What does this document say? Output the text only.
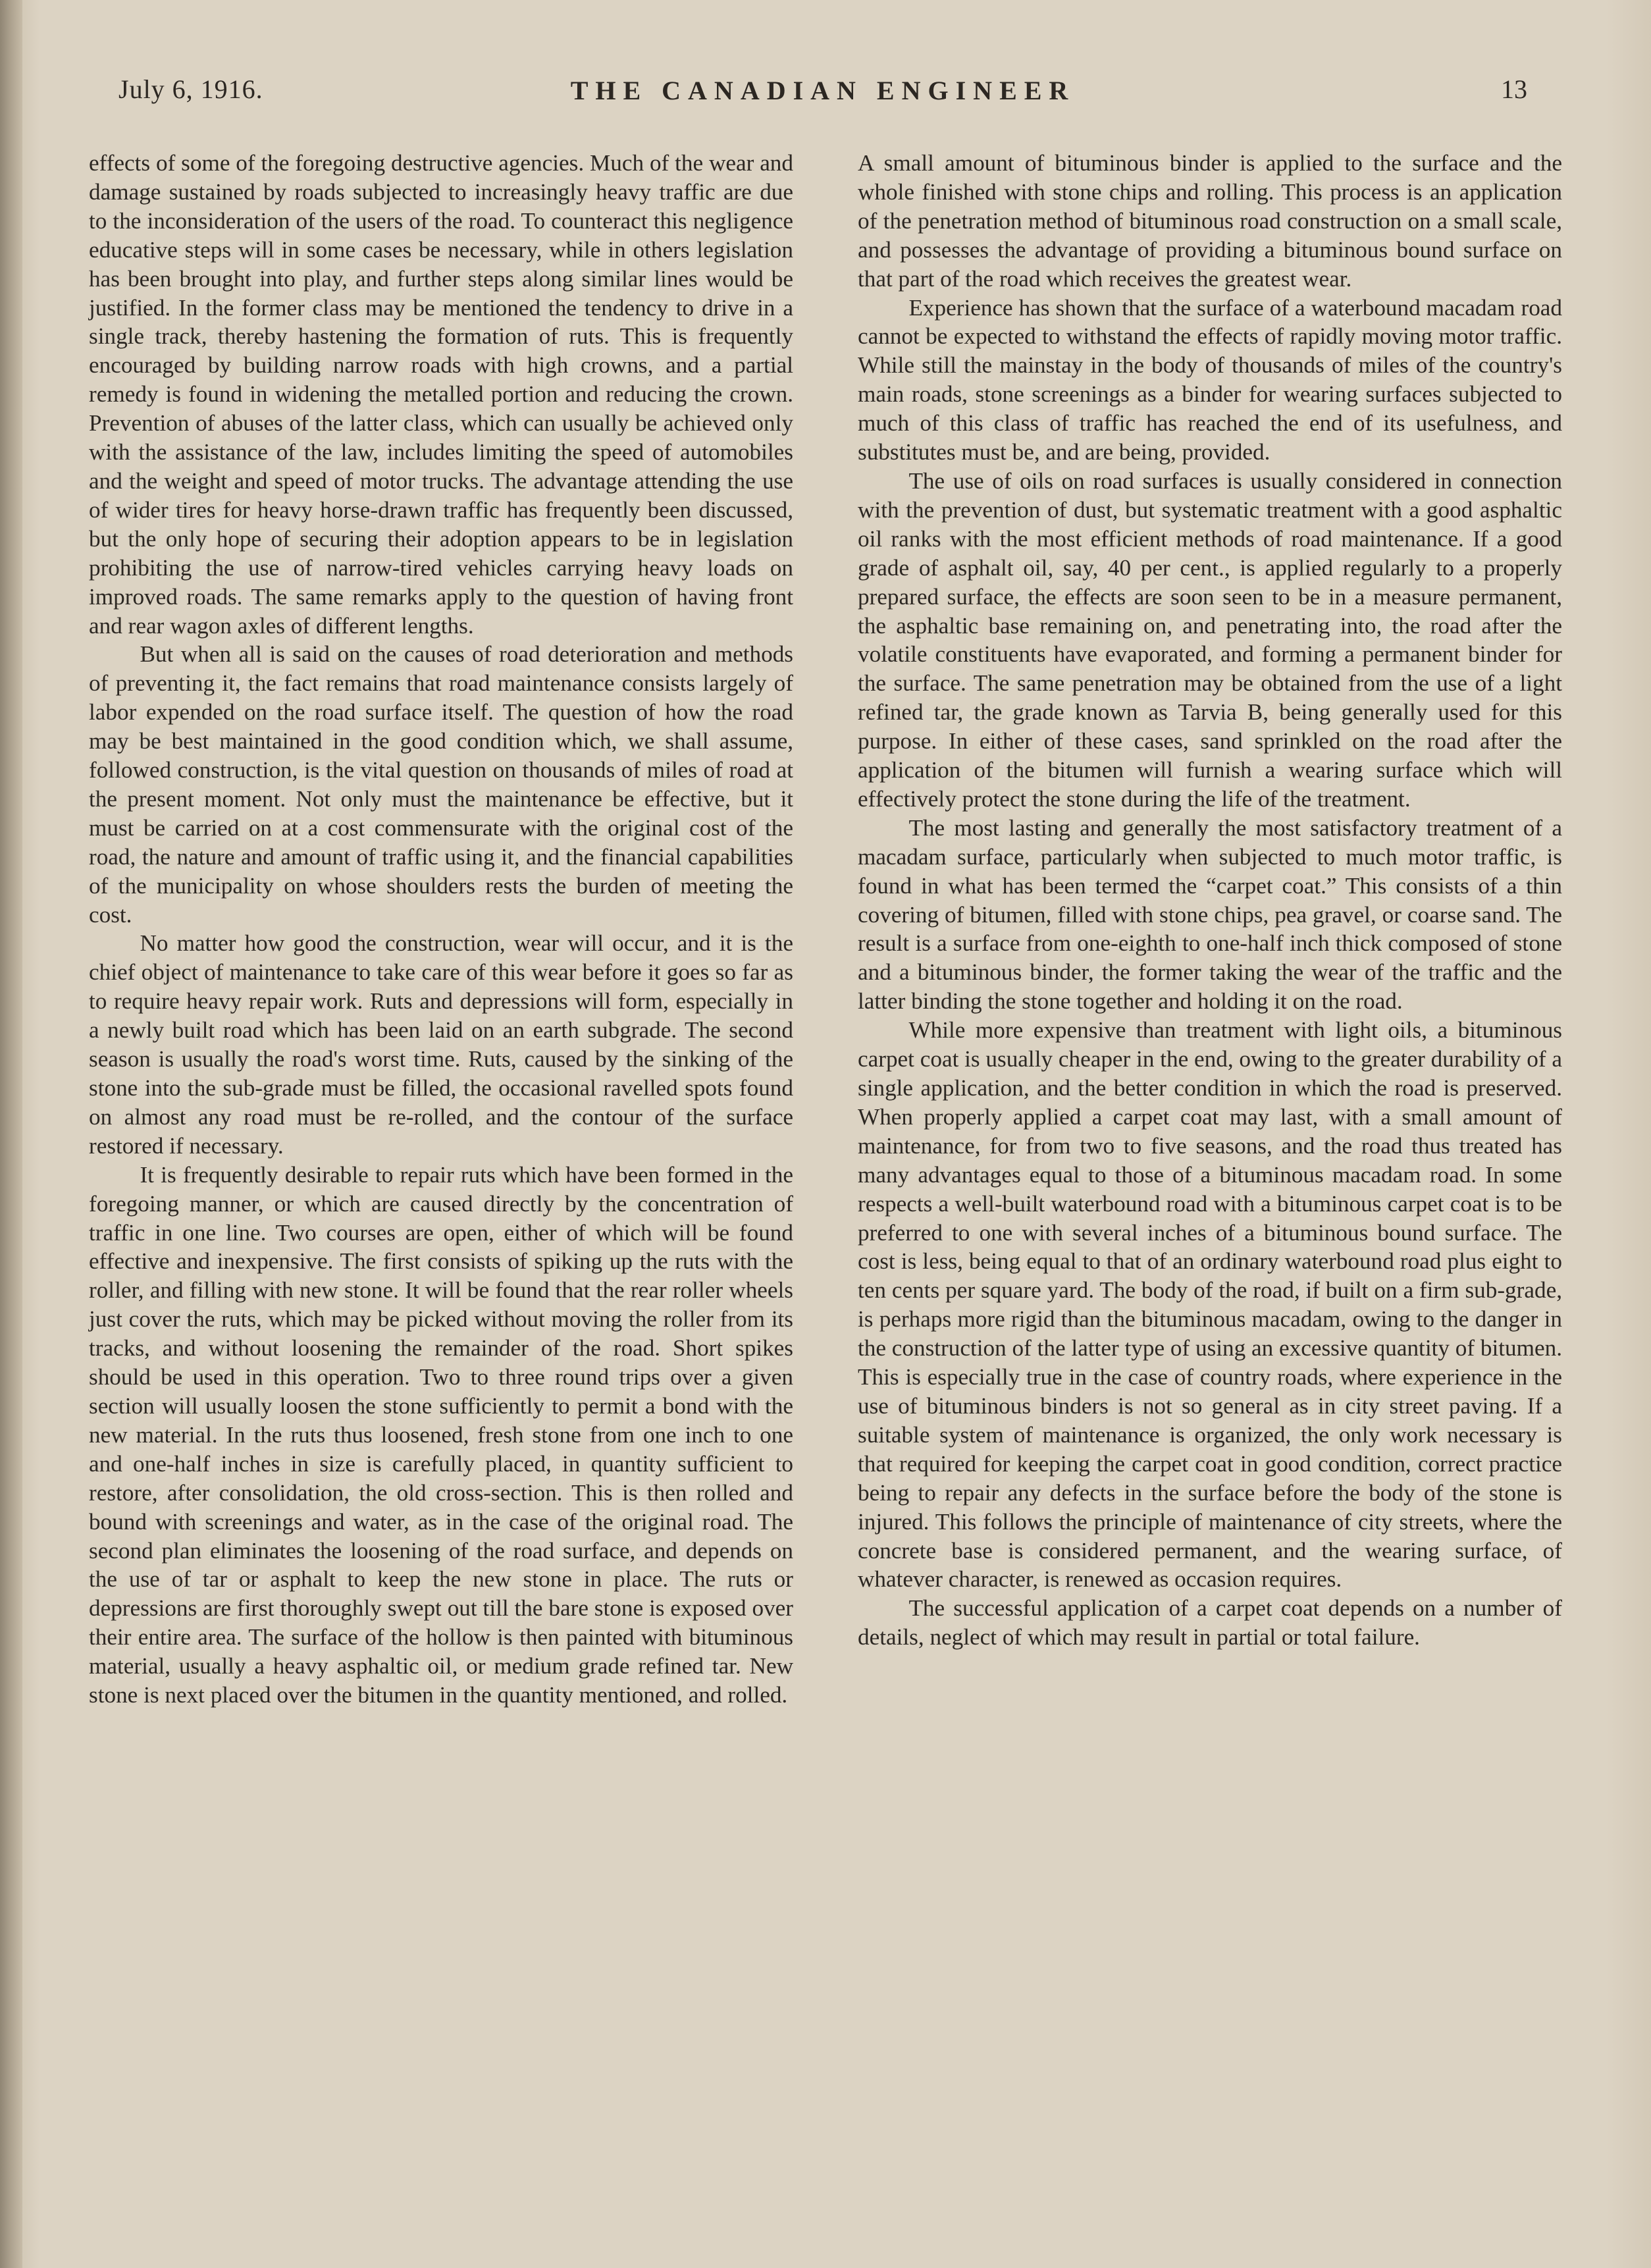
July 6, 1916.	THE CANADIAN ENGINEER	13

effects of some of the foregoing destructive agencies. Much of the wear and damage sustained by roads subjected to increasingly heavy traffic are due to the inconsideration of the users of the road. To counteract this negligence educative steps will in some cases be necessary, while in others legislation has been brought into play, and further steps along similar lines would be justified. In the former class may be mentioned the tendency to drive in a single track, thereby hastening the formation of ruts. This is frequently encouraged by building narrow roads with high crowns, and a partial remedy is found in widening the metalled portion and reducing the crown. Prevention of abuses of the latter class, which can usually be achieved only with the assistance of the law, includes limiting the speed of automobiles and the weight and speed of motor trucks. The advantage attending the use of wider tires for heavy horse-drawn traffic has frequently been discussed, but the only hope of securing their adoption appears to be in legislation prohibiting the use of narrow-tired vehicles carrying heavy loads on improved roads. The same remarks apply to the question of having front and rear wagon axles of different lengths.

But when all is said on the causes of road deterioration and methods of preventing it, the fact remains that road maintenance consists largely of labor expended on the road surface itself. The question of how the road may be best maintained in the good condition which, we shall assume, followed construction, is the vital question on thousands of miles of road at the present moment. Not only must the maintenance be effective, but it must be carried on at a cost commensurate with the original cost of the road, the nature and amount of traffic using it, and the financial capabilities of the municipality on whose shoulders rests the burden of meeting the cost.

No matter how good the construction, wear will occur, and it is the chief object of maintenance to take care of this wear before it goes so far as to require heavy repair work. Ruts and depressions will form, especially in a newly built road which has been laid on an earth subgrade. The second season is usually the road's worst time. Ruts, caused by the sinking of the stone into the sub-grade must be filled, the occasional ravelled spots found on almost any road must be re-rolled, and the contour of the surface restored if necessary.

It is frequently desirable to repair ruts which have been formed in the foregoing manner, or which are caused directly by the concentration of traffic in one line. Two courses are open, either of which will be found effective and inexpensive. The first consists of spiking up the ruts with the roller, and filling with new stone. It will be found that the rear roller wheels just cover the ruts, which may be picked without moving the roller from its tracks, and without loosening the remainder of the road. Short spikes should be used in this operation. Two to three round trips over a given section will usually loosen the stone sufficiently to permit a bond with the new material. In the ruts thus loosened, fresh stone from one inch to one and one-half inches in size is carefully placed, in quantity sufficient to restore, after consolidation, the old cross-section. This is then rolled and bound with screenings and water, as in the case of the original road. The second plan eliminates the loosening of the road surface, and depends on the use of tar or asphalt to keep the new stone in place. The ruts or depressions are first thoroughly swept out till the bare stone is exposed over their entire area. The surface of the hollow is then painted with bituminous material, usually a heavy asphaltic oil, or medium grade refined tar. New stone is next placed over the bitumen in the quantity mentioned, and rolled.

A small amount of bituminous binder is applied to the surface and the whole finished with stone chips and rolling. This process is an application of the penetration method of bituminous road construction on a small scale, and possesses the advantage of providing a bituminous bound surface on that part of the road which receives the greatest wear.

Experience has shown that the surface of a waterbound macadam road cannot be expected to withstand the effects of rapidly moving motor traffic. While still the mainstay in the body of thousands of miles of the country's main roads, stone screenings as a binder for wearing surfaces subjected to much of this class of traffic has reached the end of its usefulness, and substitutes must be, and are being, provided.

The use of oils on road surfaces is usually considered in connection with the prevention of dust, but systematic treatment with a good asphaltic oil ranks with the most efficient methods of road maintenance. If a good grade of asphalt oil, say, 40 per cent., is applied regularly to a properly prepared surface, the effects are soon seen to be in a measure permanent, the asphaltic base remaining on, and penetrating into, the road after the volatile constituents have evaporated, and forming a permanent binder for the surface. The same penetration may be obtained from the use of a light refined tar, the grade known as Tarvia B, being generally used for this purpose. In either of these cases, sand sprinkled on the road after the application of the bitumen will furnish a wearing surface which will effectively protect the stone during the life of the treatment.

The most lasting and generally the most satisfactory treatment of a macadam surface, particularly when subjected to much motor traffic, is found in what has been termed the “carpet coat.” This consists of a thin covering of bitumen, filled with stone chips, pea gravel, or coarse sand. The result is a surface from one-eighth to one-half inch thick composed of stone and a bituminous binder, the former taking the wear of the traffic and the latter binding the stone together and holding it on the road.

While more expensive than treatment with light oils, a bituminous carpet coat is usually cheaper in the end, owing to the greater durability of a single application, and the better condition in which the road is preserved. When properly applied a carpet coat may last, with a small amount of maintenance, for from two to five seasons, and the road thus treated has many advantages equal to those of a bituminous macadam road. In some respects a well-built waterbound road with a bituminous carpet coat is to be preferred to one with several inches of a bituminous bound surface. The cost is less, being equal to that of an ordinary waterbound road plus eight to ten cents per square yard. The body of the road, if built on a firm sub-grade, is perhaps more rigid than the bituminous macadam, owing to the danger in the construction of the latter type of using an excessive quantity of bitumen. This is especially true in the case of country roads, where experience in the use of bituminous binders is not so general as in city street paving. If a suitable system of maintenance is organized, the only work necessary is that required for keeping the carpet coat in good condition, correct practice being to repair any defects in the surface before the body of the stone is injured. This follows the principle of maintenance of city streets, where the concrete base is considered permanent, and the wearing surface, of whatever character, is renewed as occasion requires.

The successful application of a carpet coat depends on a number of details, neglect of which may result in partial or total failure.
